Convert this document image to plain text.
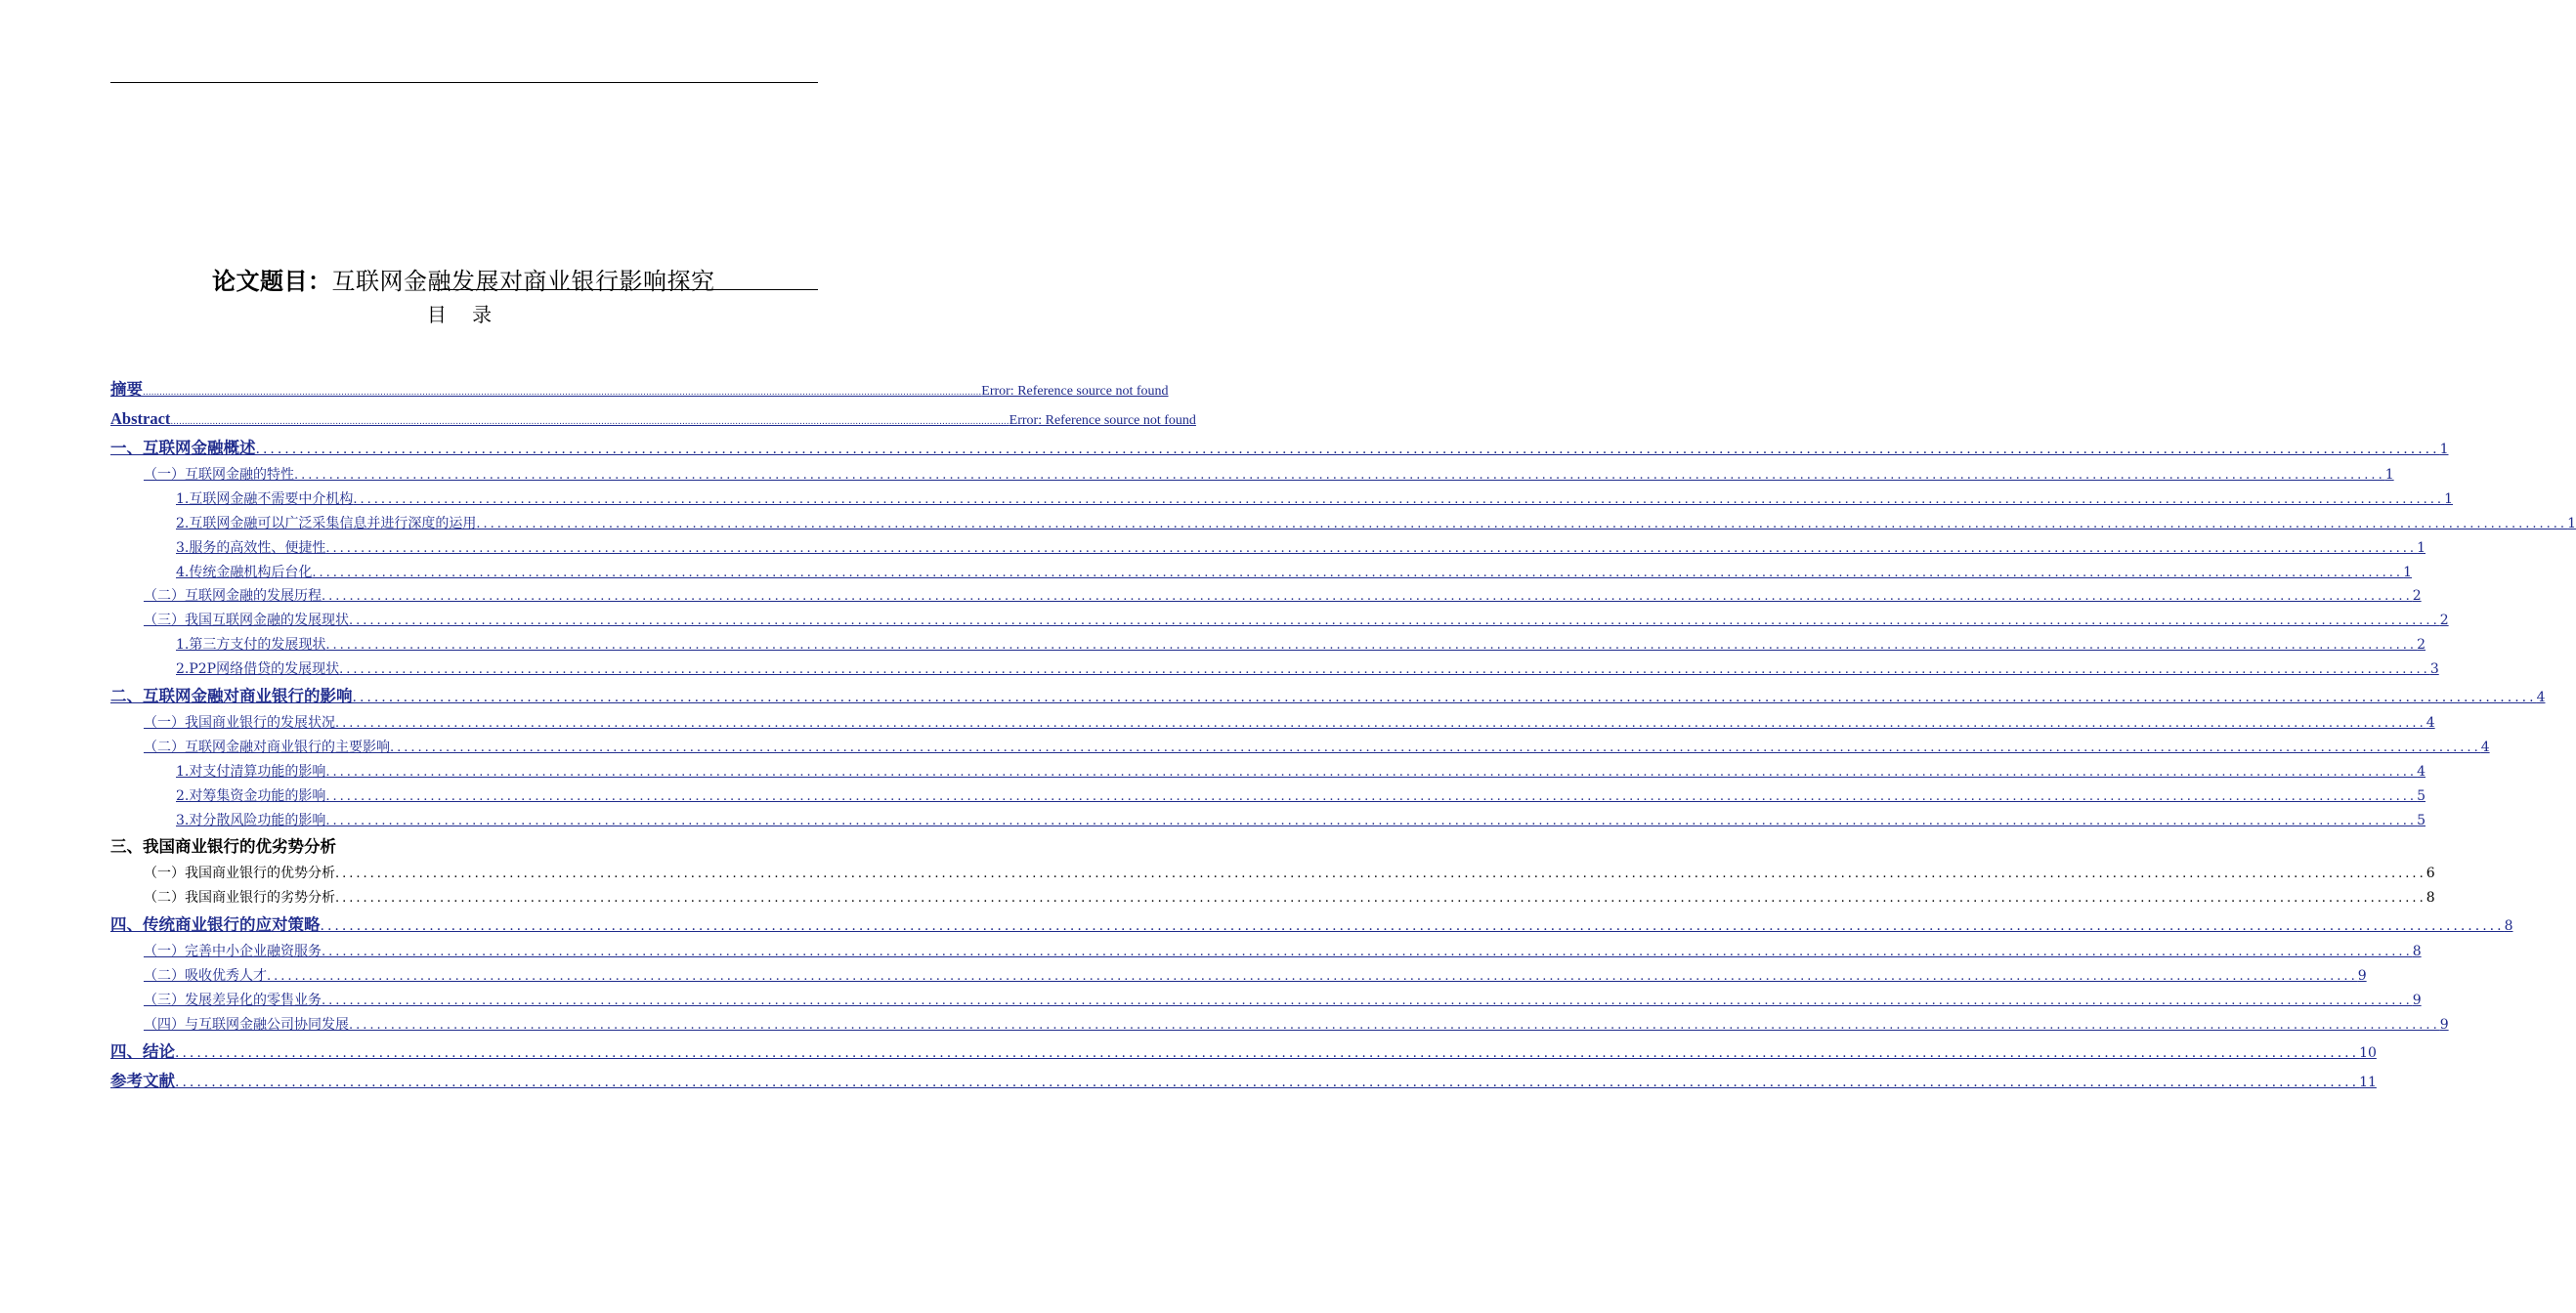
论文题目：互联网金融发展对商业银行影响探究
目 录
摘要 ............................................................................................................................................................................................................................................................................................................ Error: Reference source not found
Abstract ............................................................................................................................................................................................................................................................................................................ Error: Reference source not found
一、互联网金融概述 ............................................................................................................................................................................................................................................................................................................ 1
（一）互联网金融的特性 ............................................................................................................................................................................................................................................................................................................ 1
1.互联网金融不需要中介机构 ............................................................................................................................................................................................................................................................................................................ 1
2.互联网金融可以广泛采集信息并进行深度的运用 ............................................................................................................................................................................................................................................................................................................ 1
3.服务的高效性、便捷性 ............................................................................................................................................................................................................................................................................................................ 1
4.传统金融机构后台化 ............................................................................................................................................................................................................................................................................................................ 1
（二）互联网金融的发展历程 ............................................................................................................................................................................................................................................................................................................ 2
（三）我国互联网金融的发展现状 ............................................................................................................................................................................................................................................................................................................ 2
1.第三方支付的发展现状 ............................................................................................................................................................................................................................................................................................................ 2
2.P2P网络借贷的发展现状 ............................................................................................................................................................................................................................................................................................................ 3
二、互联网金融对商业银行的影响 ............................................................................................................................................................................................................................................................................................................ 4
（一）我国商业银行的发展状况 ............................................................................................................................................................................................................................................................................................................ 4
（二）互联网金融对商业银行的主要影响 ............................................................................................................................................................................................................................................................................................................ 4
1.对支付清算功能的影响 ............................................................................................................................................................................................................................................................................................................ 4
2.对筹集资金功能的影响 ............................................................................................................................................................................................................................................................................................................ 5
3.对分散风险功能的影响 ............................................................................................................................................................................................................................................................................................................ 5
三、我国商业银行的优劣势分析
（一）我国商业银行的优势分析 ............................................................................................................................................................................................................................................................................................................ 6
（二）我国商业银行的劣势分析 ............................................................................................................................................................................................................................................................................................................ 8
四、传统商业银行的应对策略 ............................................................................................................................................................................................................................................................................................................ 8
（一）完善中小企业融资服务 ............................................................................................................................................................................................................................................................................................................ 8
（二）吸收优秀人才 ............................................................................................................................................................................................................................................................................................................ 9
（三）发展差异化的零售业务 ............................................................................................................................................................................................................................................................................................................ 9
（四）与互联网金融公司协同发展 ............................................................................................................................................................................................................................................................................................................ 9
四、结论 ............................................................................................................................................................................................................................................................................................................ 10
参考文献 ............................................................................................................................................................................................................................................................................................................ 11
